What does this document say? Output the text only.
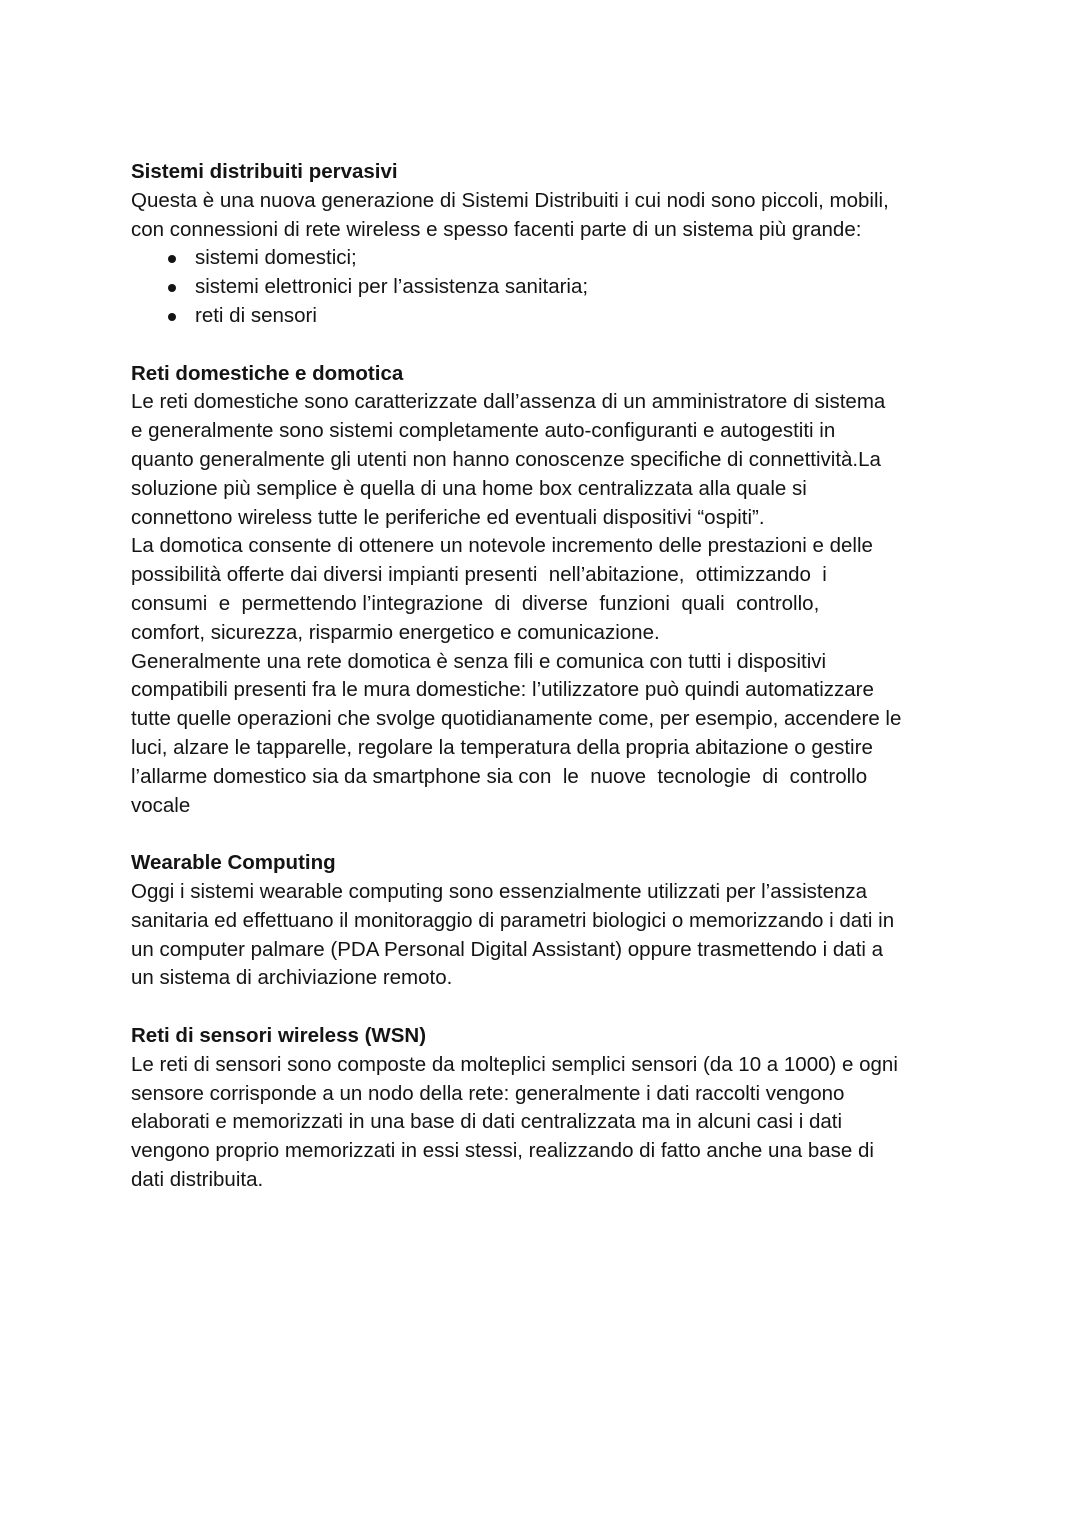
Sistemi distribuiti pervasivi
Questa è una nuova generazione di Sistemi Distribuiti i cui nodi sono piccoli, mobili,
con connessioni di rete wireless e spesso facenti parte di un sistema più grande:
sistemi domestici;
sistemi elettronici per l’assistenza sanitaria;
reti di sensori
Reti domestiche e domotica
Le reti domestiche sono caratterizzate dall’assenza di un amministratore di sistema
e generalmente sono sistemi completamente auto-configuranti e autogestiti in
quanto generalmente gli utenti non hanno conoscenze specifiche di connettività.La
soluzione più semplice è quella di una home box centralizzata alla quale si
connettono wireless tutte le periferiche ed eventuali dispositivi “ospiti”.
La domotica consente di ottenere un notevole incremento delle prestazioni e delle
possibilità offerte dai diversi impianti presenti  nell’abitazione,  ottimizzando  i
consumi  e  permettendo l’integrazione  di  diverse  funzioni  quali  controllo,
comfort, sicurezza, risparmio energetico e comunicazione.
Generalmente una rete domotica è senza fili e comunica con tutti i dispositivi
compatibili presenti fra le mura domestiche: l’utilizzatore può quindi automatizzare
tutte quelle operazioni che svolge quotidianamente come, per esempio, accendere le
luci, alzare le tapparelle, regolare la temperatura della propria abitazione o gestire
l’allarme domestico sia da smartphone sia con  le  nuove  tecnologie  di  controllo
vocale
Wearable Computing
Oggi i sistemi wearable computing sono essenzialmente utilizzati per l’assistenza
sanitaria ed effettuano il monitoraggio di parametri biologici o memorizzando i dati in
un computer palmare (PDA Personal Digital Assistant) oppure trasmettendo i dati a
un sistema di archiviazione remoto.
Reti di sensori wireless (WSN)
Le reti di sensori sono composte da molteplici semplici sensori (da 10 a 1000) e ogni
sensore corrisponde a un nodo della rete: generalmente i dati raccolti vengono
elaborati e memorizzati in una base di dati centralizzata ma in alcuni casi i dati
vengono proprio memorizzati in essi stessi, realizzando di fatto anche una base di
dati distribuita.
